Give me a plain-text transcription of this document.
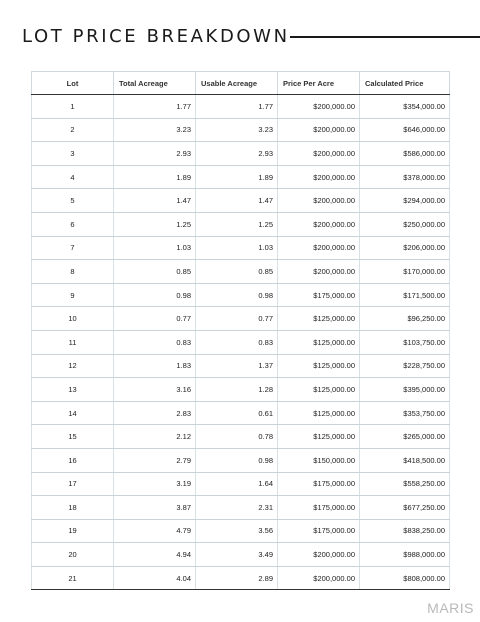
LOT PRICE BREAKDOWN
Lot	Total Acreage	Usable Acreage	Price Per Acre	Calculated Price
1	1.77	1.77	$200,000.00	$354,000.00
2	3.23	3.23	$200,000.00	$646,000.00
3	2.93	2.93	$200,000.00	$586,000.00
4	1.89	1.89	$200,000.00	$378,000.00
5	1.47	1.47	$200,000.00	$294,000.00
6	1.25	1.25	$200,000.00	$250,000.00
7	1.03	1.03	$200,000.00	$206,000.00
8	0.85	0.85	$200,000.00	$170,000.00
9	0.98	0.98	$175,000.00	$171,500.00
10	0.77	0.77	$125,000.00	$96,250.00
11	0.83	0.83	$125,000.00	$103,750.00
12	1.83	1.37	$125,000.00	$228,750.00
13	3.16	1.28	$125,000.00	$395,000.00
14	2.83	0.61	$125,000.00	$353,750.00
15	2.12	0.78	$125,000.00	$265,000.00
16	2.79	0.98	$150,000.00	$418,500.00
17	3.19	1.64	$175,000.00	$558,250.00
18	3.87	2.31	$175,000.00	$677,250.00
19	4.79	3.56	$175,000.00	$838,250.00
20	4.94	3.49	$200,000.00	$988,000.00
21	4.04	2.89	$200,000.00	$808,000.00
MARIS
